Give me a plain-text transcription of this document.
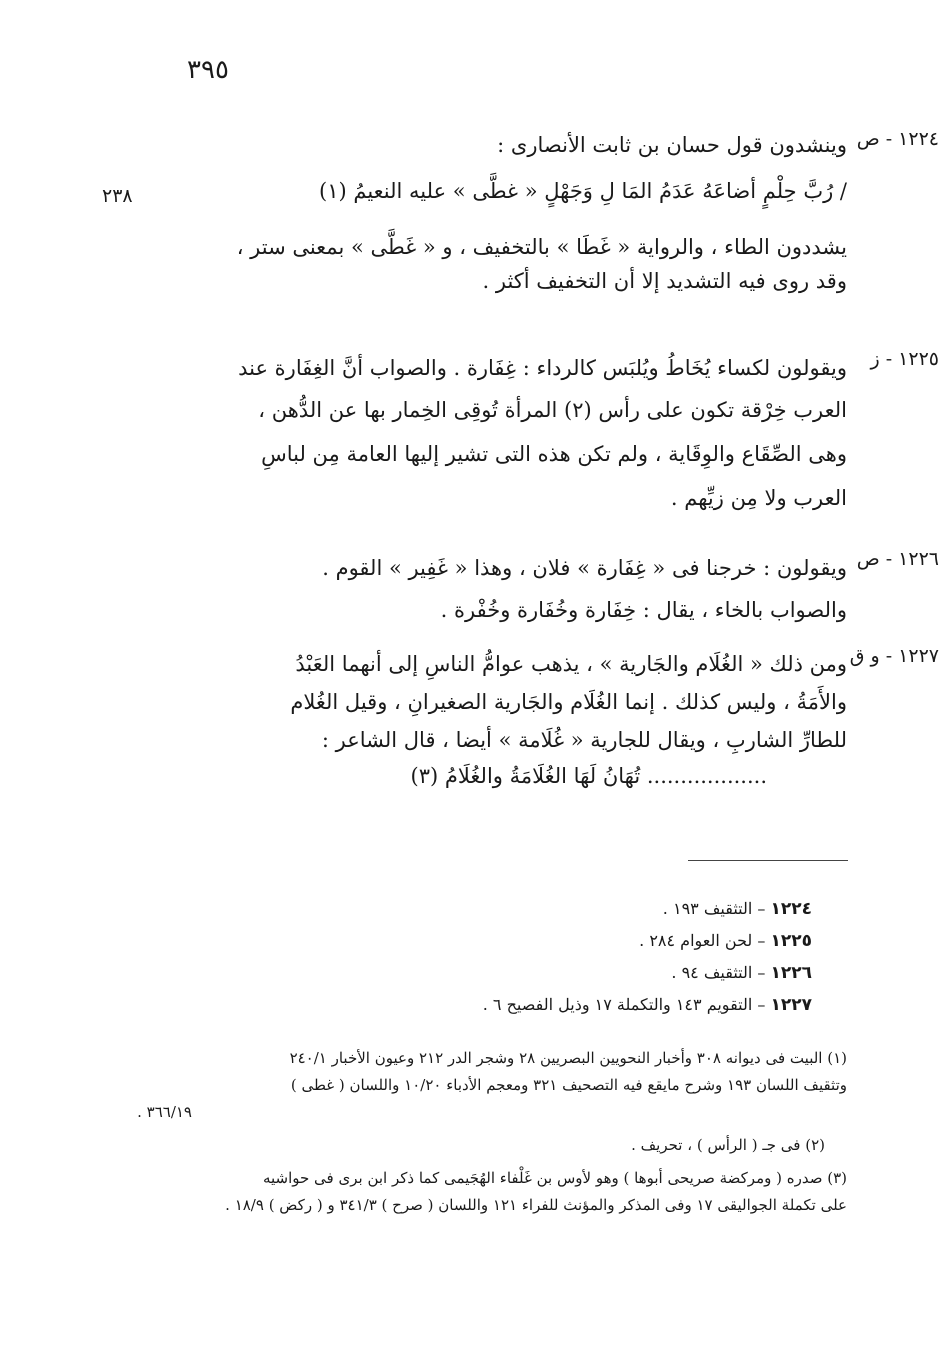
٣٩٥
٢٣٨
١٢٢٤ - ص
وينشدون قول حسان بن ثابت الأنصارى :
/ رُبَّ حِلْمٍ أضاعَهُ عَدَمُ المَا لِ وَجَهْلٍ « غطَّى » عليه النعيمُ (١)
يشددون الطاء ، والرواية « غَطَا » بالتخفيف ، و « غَطَّى » بمعنى ستر ،
وقد روى فيه التشديد إلا أن التخفيف أكثر .
١٢٢٥ - ز
ويقولون لكساء يُخَاطُ ويُلبَس كالرداء : غِفَارة . والصواب أنَّ الغِفَارة عند
العرب خِرْقة تكون على رأس (٢) المرأة تُوقِى الخِمار بها عن الدُّهن ،
وهى الصِّقَاع والوِقَاية ، ولم تكن هذه التى تشير إليها العامة مِن لباسِ
العرب ولا مِن زيِّهم .
١٢٢٦ - ص
ويقولون : خرجنا فى « غِفَارة » فلان ، وهذا « غَفِير » القوم .
والصواب بالخاء ، يقال : خِفَارة وخُفَارة وخُفْرة .
١٢٢٧ - و ق
ومن ذلك « الغُلَام والجَارية » ، يذهب عوامُّ الناسِ إلى أنهما العَبْدُ
والأَمَةُ ، وليس كذلك . إنما الغُلَام والجَارية الصغيرانِ ، وقيل الغُلام
للطارِّ الشاربِ ، ويقال للجارية « غُلَامة » أيضا ، قال الشاعر :
.................. تُهَانُ لَهَا الغُلَامَةُ والغُلَامُ (٣)
١٢٢٤ – التثقيف ١٩٣ .
١٢٢٥ – لحن العوام ٢٨٤ .
١٢٢٦ – التثقيف ٩٤ .
١٢٢٧ – التقويم ١٤٣ والتكملة ١٧ وذيل الفصيح ٦ .
(١) البيت فى ديوانه ٣٠٨ وأخبار النحويين البصريين ٢٨ وشجر الدر ٢١٢ وعيون الأخبار ٢٤٠/١
وتثقيف اللسان ١٩٣ وشرح مايقع فيه التصحيف ٣٢١ ومعجم الأدباء ١٠/٢٠ واللسان ( غطى )
٣٦٦/١٩ .
(٢) فى جـ ( الرأس ) ، تحريف .
(٣) صدره ( ومركضة صريحى أبوها ) وهو لأوس بن غَلْفاء الهُجَيمى كما ذكر ابن برى فى حواشيه
على تكملة الجواليقى ١٧ وفى المذكر والمؤنث للفراء ١٢١ واللسان ( صرح ) ٣٤١/٣ و ( ركض ) ١٨/٩ .
